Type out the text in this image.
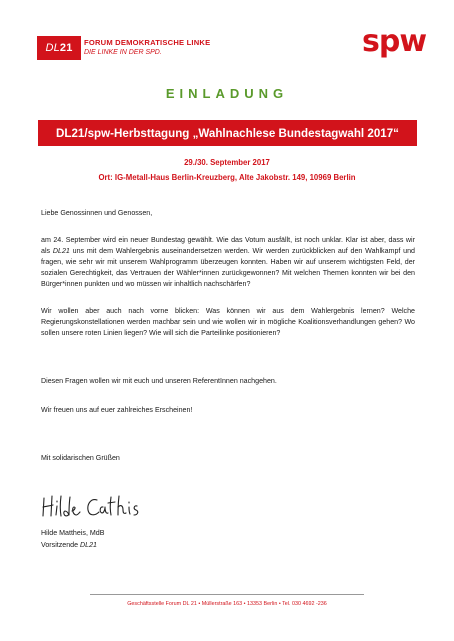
DL 21 FORUM DEMOKRATISCHE LINKE
DIE LINKE IN DER SPD.	spw
EINLADUNG
DL21/spw-Herbsttagung „Wahlnachlese Bundestagwahl 2017“
29./30. September 2017
Ort: IG-Metall-Haus Berlin-Kreuzberg, Alte Jakobstr. 149, 10969 Berlin
Liebe Genossinnen und Genossen,
am 24. September wird ein neuer Bundestag gewählt. Wie das Votum ausfällt, ist noch unklar. Klar ist aber, dass wir als DL21 uns mit dem Wahlergebnis auseinandersetzen werden. Wir werden zurückblicken auf den Wahlkampf und fragen, wie sehr wir mit unserem Wahlprogramm überzeugen konnten. Haben wir auf unserem wichtigsten Feld, der sozialen Gerechtigkeit, das Vertrauen der Wähler*innen zurückgewonnen? Mit welchen Themen konnten wir bei den Bürger*innen punkten und wo müssen wir inhaltlich nachschärfen?
Wir wollen aber auch nach vorne blicken: Was können wir aus dem Wahlergebnis lernen? Welche Regierungskonstellationen werden machbar sein und wie wollen wir in mögliche Koalitionsverhandlungen gehen? Wo sollen unsere roten Linien liegen? Wie will sich die Parteilinke positionieren?
Diesen Fragen wollen wir mit euch und unseren ReferentInnen nachgehen.
Wir freuen uns auf euer zahlreiches Erscheinen!
Mit solidarischen Grüßen
Hilde Mattheis, MdB
Vorsitzende DL21
Geschäftsstelle Forum DL 21 • Müllerstraße 163 • 13353 Berlin • Tel. 030 4692 -236
